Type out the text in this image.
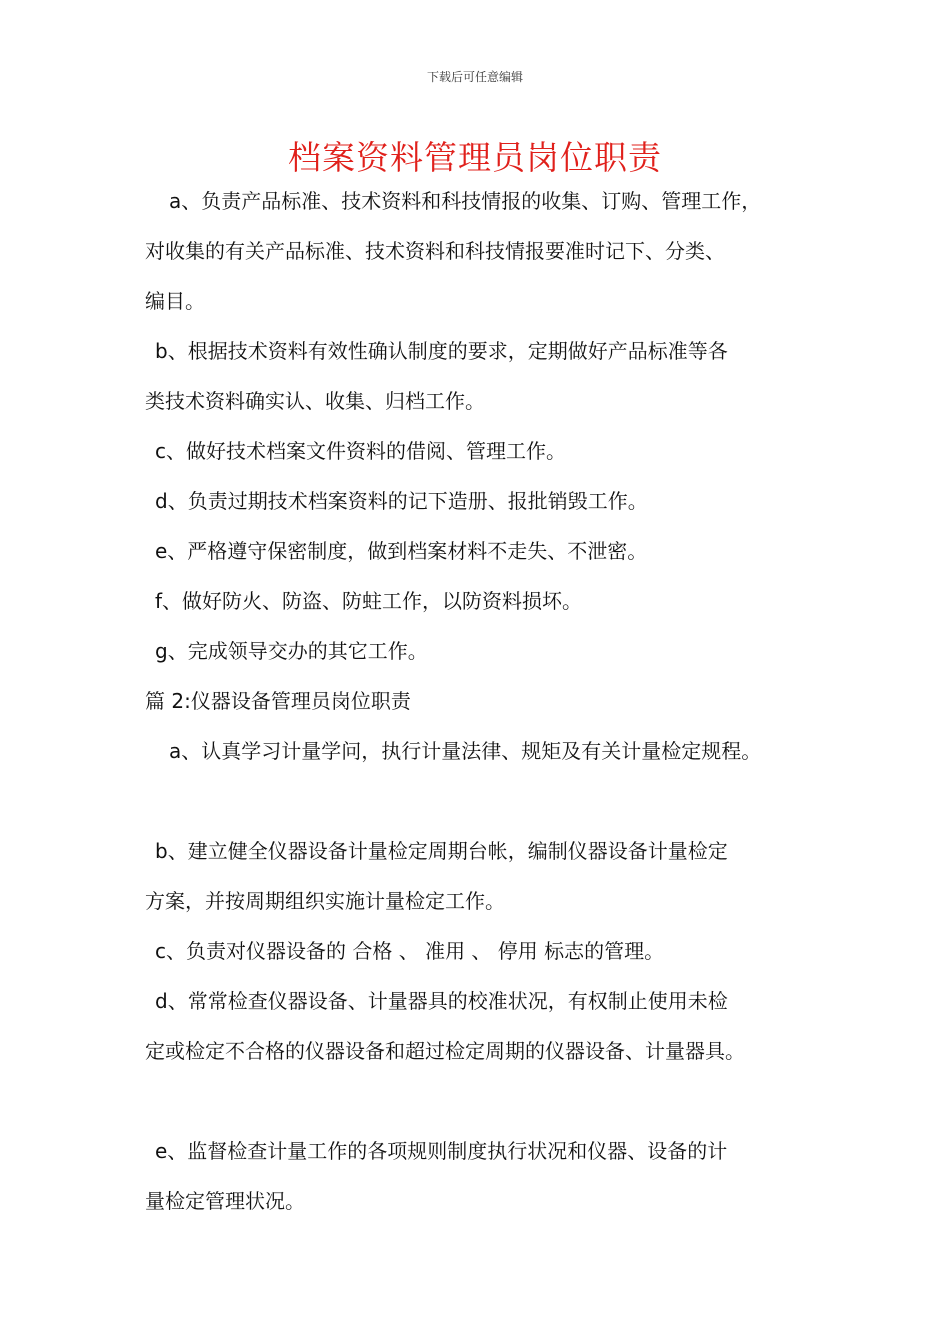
下载后可任意编辑
档案资料管理员岗位职责
a、负责产品标准、技术资料和科技情报的收集、订购、管理工作，
对收集的有关产品标准、技术资料和科技情报要准时记下、分类、
编目。
b、根据技术资料有效性确认制度的要求，定期做好产品标准等各
类技术资料确实认、收集、归档工作。
c、做好技术档案文件资料的借阅、管理工作。
d、负责过期技术档案资料的记下造册、报批销毁工作。
e、严格遵守保密制度，做到档案材料不走失、不泄密。
f、做好防火、防盗、防蛀工作，以防资料损坏。
g、完成领导交办的其它工作。
篇 2:仪器设备管理员岗位职责
a、认真学习计量学问，执行计量法律、规矩及有关计量检定规程。
b、建立健全仪器设备计量检定周期台帐，编制仪器设备计量检定
方案，并按周期组织实施计量检定工作。
c、负责对仪器设备的 合格 、 准用 、 停用 标志的管理。
d、常常检查仪器设备、计量器具的校准状况，有权制止使用未检
定或检定不合格的仪器设备和超过检定周期的仪器设备、计量器具。
e、监督检查计量工作的各项规则制度执行状况和仪器、设备的计
量检定管理状况。
